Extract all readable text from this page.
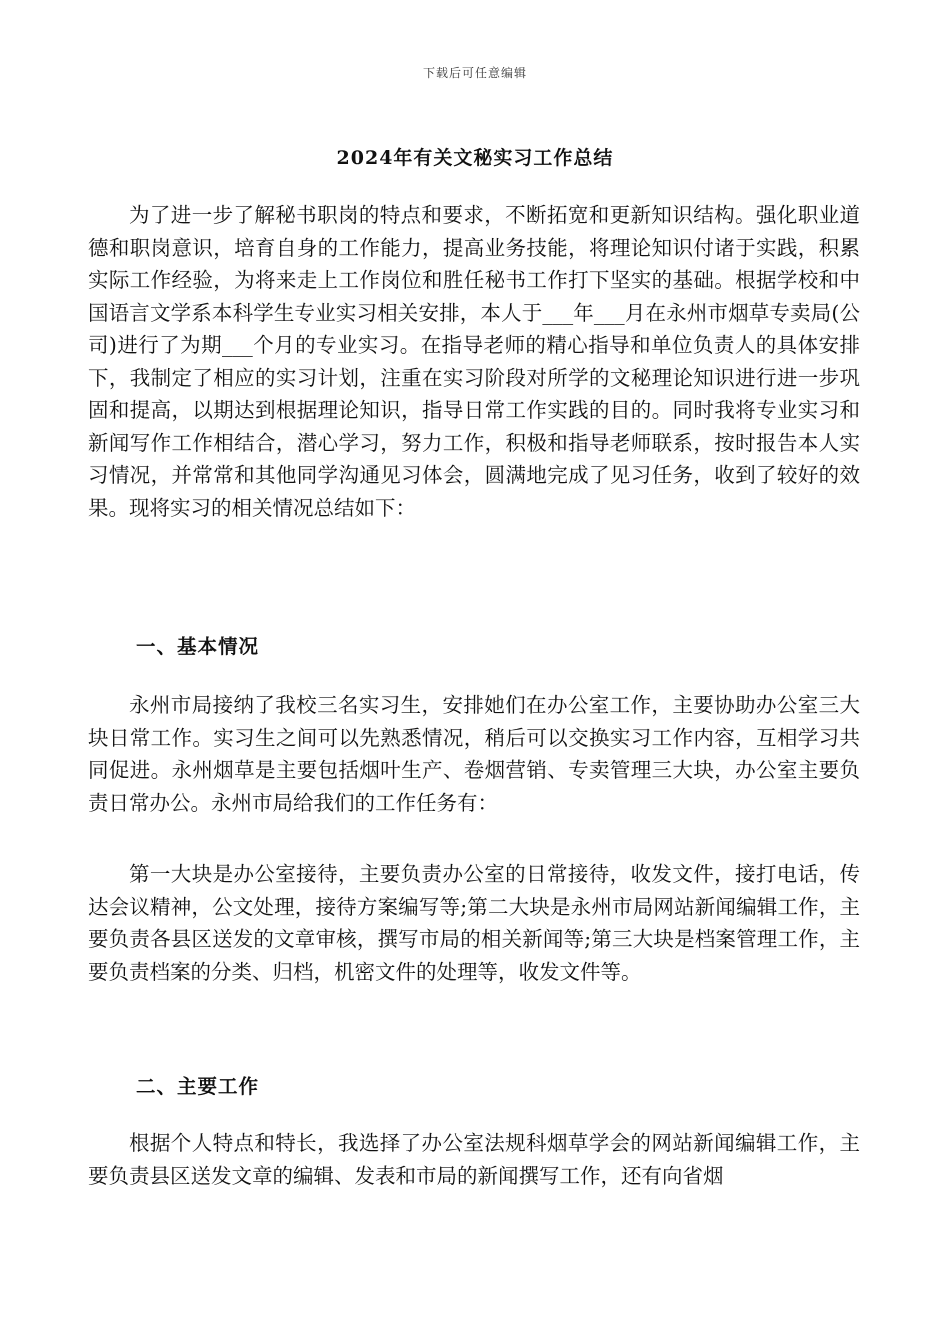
下载后可任意编辑
2024年有关文秘实习工作总结

为了进一步了解秘书职岗的特点和要求，不断拓宽和更新知识结构。强化职业道德和职岗意识，培育自身的工作能力，提高业务技能，将理论知识付诸于实践，积累实际工作经验，为将来走上工作岗位和胜任秘书工作打下坚实的基础。根据学校和中国语言文学系本科学生专业实习相关安排，本人于___年___月在永州市烟草专卖局(公司)进行了为期___个月的专业实习。在指导老师的精心指导和单位负责人的具体安排下，我制定了相应的实习计划，注重在实习阶段对所学的文秘理论知识进行进一步巩固和提高，以期达到根据理论知识，指导日常工作实践的目的。同时我将专业实习和新闻写作工作相结合，潜心学习，努力工作，积极和指导老师联系，按时报告本人实习情况，并常常和其他同学沟通见习体会，圆满地完成了见习任务，收到了较好的效果。现将实习的相关情况总结如下：

一、基本情况

永州市局接纳了我校三名实习生，安排她们在办公室工作，主要协助办公室三大块日常工作。实习生之间可以先熟悉情况，稍后可以交换实习工作内容，互相学习共同促进。永州烟草是主要包括烟叶生产、卷烟营销、专卖管理三大块，办公室主要负责日常办公。永州市局给我们的工作任务有：

第一大块是办公室接待，主要负责办公室的日常接待，收发文件，接打电话，传达会议精神，公文处理，接待方案编写等;第二大块是永州市局网站新闻编辑工作，主要负责各县区送发的文章审核，撰写市局的相关新闻等;第三大块是档案管理工作，主要负责档案的分类、归档，机密文件的处理等，收发文件等。

二、主要工作

根据个人特点和特长，我选择了办公室法规科烟草学会的网站新闻编辑工作，主要负责县区送发文章的编辑、发表和市局的新闻撰写工作，还有向省烟
